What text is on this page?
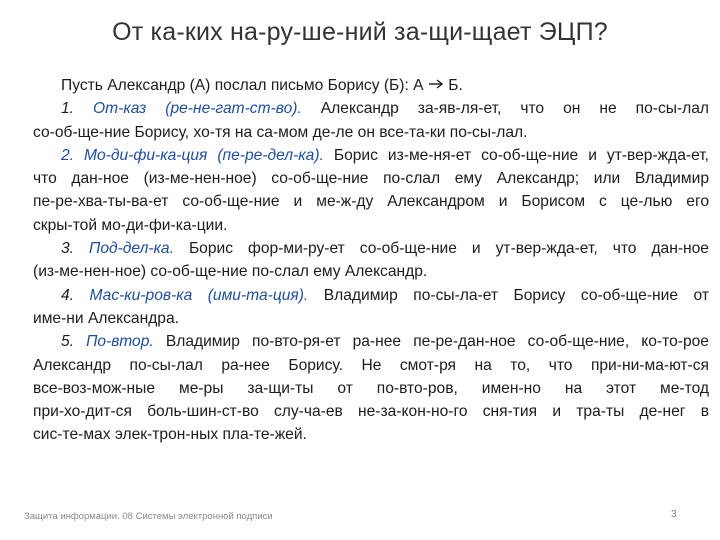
От ка-ких на-ру-ше-ний за-щи-щает ЭЦП?
Пусть Александр (А) послал письмо Борису (Б): А Б.
1. От-каз (ре-не-гат-ст-во). Александр за-яв-ля-ет, что он не по-сы-лал
со-об-ще-ние Борису, хо-тя на са-мом де-ле он все-та-ки по-сы-лал.
2. Мо-ди-фи-ка-ция (пе-ре-дел-ка). Борис из-ме-ня-ет со-об-ще-ние и ут-вер-жда-ет,
что дан-ное (из-ме-нен-ное) со-об-ще-ние по-слал ему Александр; или Владимир
пе-ре-хва-ты-ва-ет со-об-ще-ние и ме-ж-ду Александром и Борисом с це-лью его
скры-той мо-ди-фи-ка-ции.
3. Под-дел-ка. Борис фор-ми-ру-ет со-об-ще-ние и ут-вер-жда-ет, что дан-ное
(из-ме-нен-ное) со-об-ще-ние по-слал ему Александр.
4. Мас-ки-ров-ка (ими-та-ция). Владимир по-сы-ла-ет Борису со-об-ще-ние от
име-ни Александра.
5. По-втор. Владимир по-вто-ря-ет ра-нее пе-ре-дан-ное со-об-ще-ние, ко-то-рое
Александр по-сы-лал ра-нее Борису. Не смот-ря на то, что при-ни-ма-ют-ся
все-воз-мож-ные ме-ры за-щи-ты от по-вто-ров, имен-но на этот ме-тод
при-хо-дит-ся боль-шин-ст-во слу-ча-ев не-за-кон-но-го сня-тия и тра-ты де-нег в
сис-те-мах элек-трон-ных пла-те-жей.
Защита информации. 08 Системы электронной подписи	3
